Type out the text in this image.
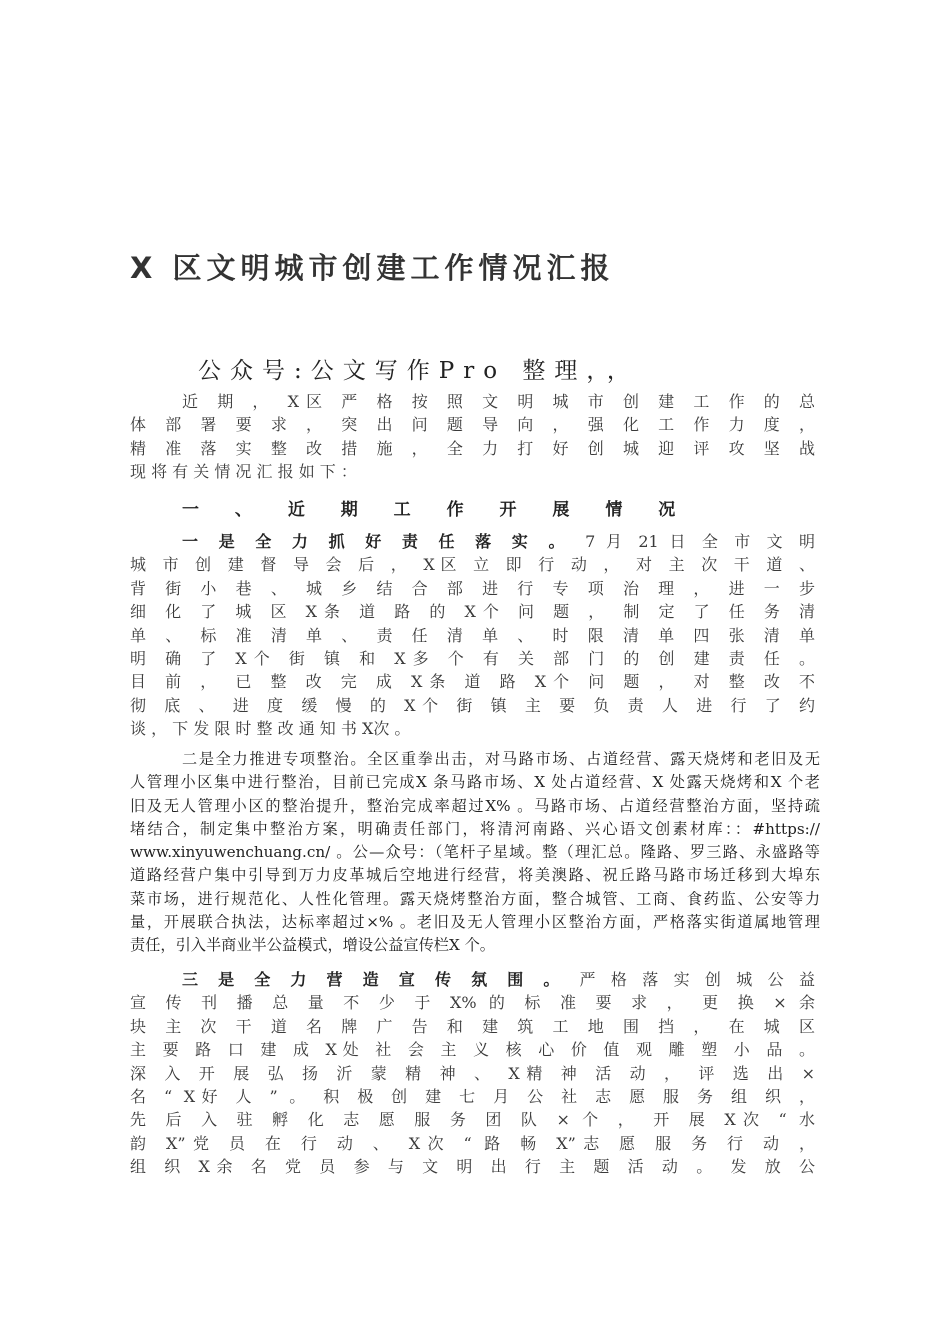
X 区文明城市创建工作情况汇报
公众号:公文写作Pro 整理，，
近 期 ， X区 严 格 按 照 文 明 城 市 创 建 工 作 的 总
体 部 署 要 求 ， 突 出 问 题 导 向 ， 强 化 工 作 力 度 ，
精 准 落 实 整 改 措 施 ， 全 力 打 好 创 城 迎 评 攻 坚 战
现 将 有 关 情 况 汇 报 如 下 ：
一 、 近 期 工 作 开 展 情 况
一是全力抓好责任落实。7 月 21 日 全 市 文 明
城 市 创 建 督 导 会 后 ， X区 立 即 行 动 ， 对 主 次 干 道 、
背 街 小 巷 、 城 乡 结 合 部 进 行 专 项 治 理 ， 进 一 步
细 化 了 城 区 X条 道 路 的 X个 问 题 ， 制 定 了 任 务 清
单 、 标 准 清 单 、 责 任 清 单 、 时 限 清 单 四 张 清 单
明 确 了 X个 街 镇 和 X多 个 有 关 部 门 的 创 建 责 任 。
目 前 ， 已 整 改 完 成 X条 道 路 X个 问 题 ， 对 整 改 不
彻 底 、 进 度 缓 慢 的 X个 街 镇 主 要 负 责 人 进 行 了 约
谈 ， 下 发 限 时 整 改 通 知 书 X次 。
二是全力推进专项整治。全区重拳出击，对马路市场、占道经营、露天烧烤和老旧及无
人管理小区集中进行整治，目前已完成X 条马路市场、X 处占道经营、X 处露天烧烤和X 个老
旧及无人管理小区的整治提升，整治完成率超过X% 。马路市场、占道经营整治方面，坚持疏
堵结合，制定集中整治方案，明确责任部门，将清河南路、兴心语文创素材库：：#https://
www.xinyuwenchuang.cn/ 。公—众号：（笔杆子星域。整（理汇总。隆路、罗三路、永盛路等
道路经营户集中引导到万力皮革城后空地进行经营，将美澳路、祝丘路马路市场迁移到大埠东
菜市场，进行规范化、人性化管理。露天烧烤整治方面，整合城管、工商、食药监、公安等力
量，开展联合执法，达标率超过×% 。老旧及无人管理小区整治方面，严格落实街道属地管理
责任，引入半商业半公益模式，增设公益宣传栏X 个。
三是全力营造宣传氛围。严 格 落 实 创 城 公 益
宣 传 刊 播 总 量 不 少 于 X% 的 标 准 要 求 ， 更 换 × 余
块 主 次 干 道 名 牌 广 告 和 建 筑 工 地 围 挡 ， 在 城 区
主 要 路 口 建 成 X处 社 会 主 义 核 心 价 值 观 雕 塑 小 品 。
深 入 开 展 弘 扬 沂 蒙 精 神 、 X精 神 活 动 ， 评 选 出 ×
名 “ X好 人 ” 。 积 极 创 建 七 月 公 社 志 愿 服 务 组 织 ，
先 后 入 驻 孵 化 志 愿 服 务 团 队 × 个 ， 开 展 X次 “ 水
韵 X”党 员 在 行 动 、 X次 “ 路 畅 X”志 愿 服 务 行 动 ，
组 织 X余 名 党 员 参 与 文 明 出 行 主 题 活 动 。 发 放 公
